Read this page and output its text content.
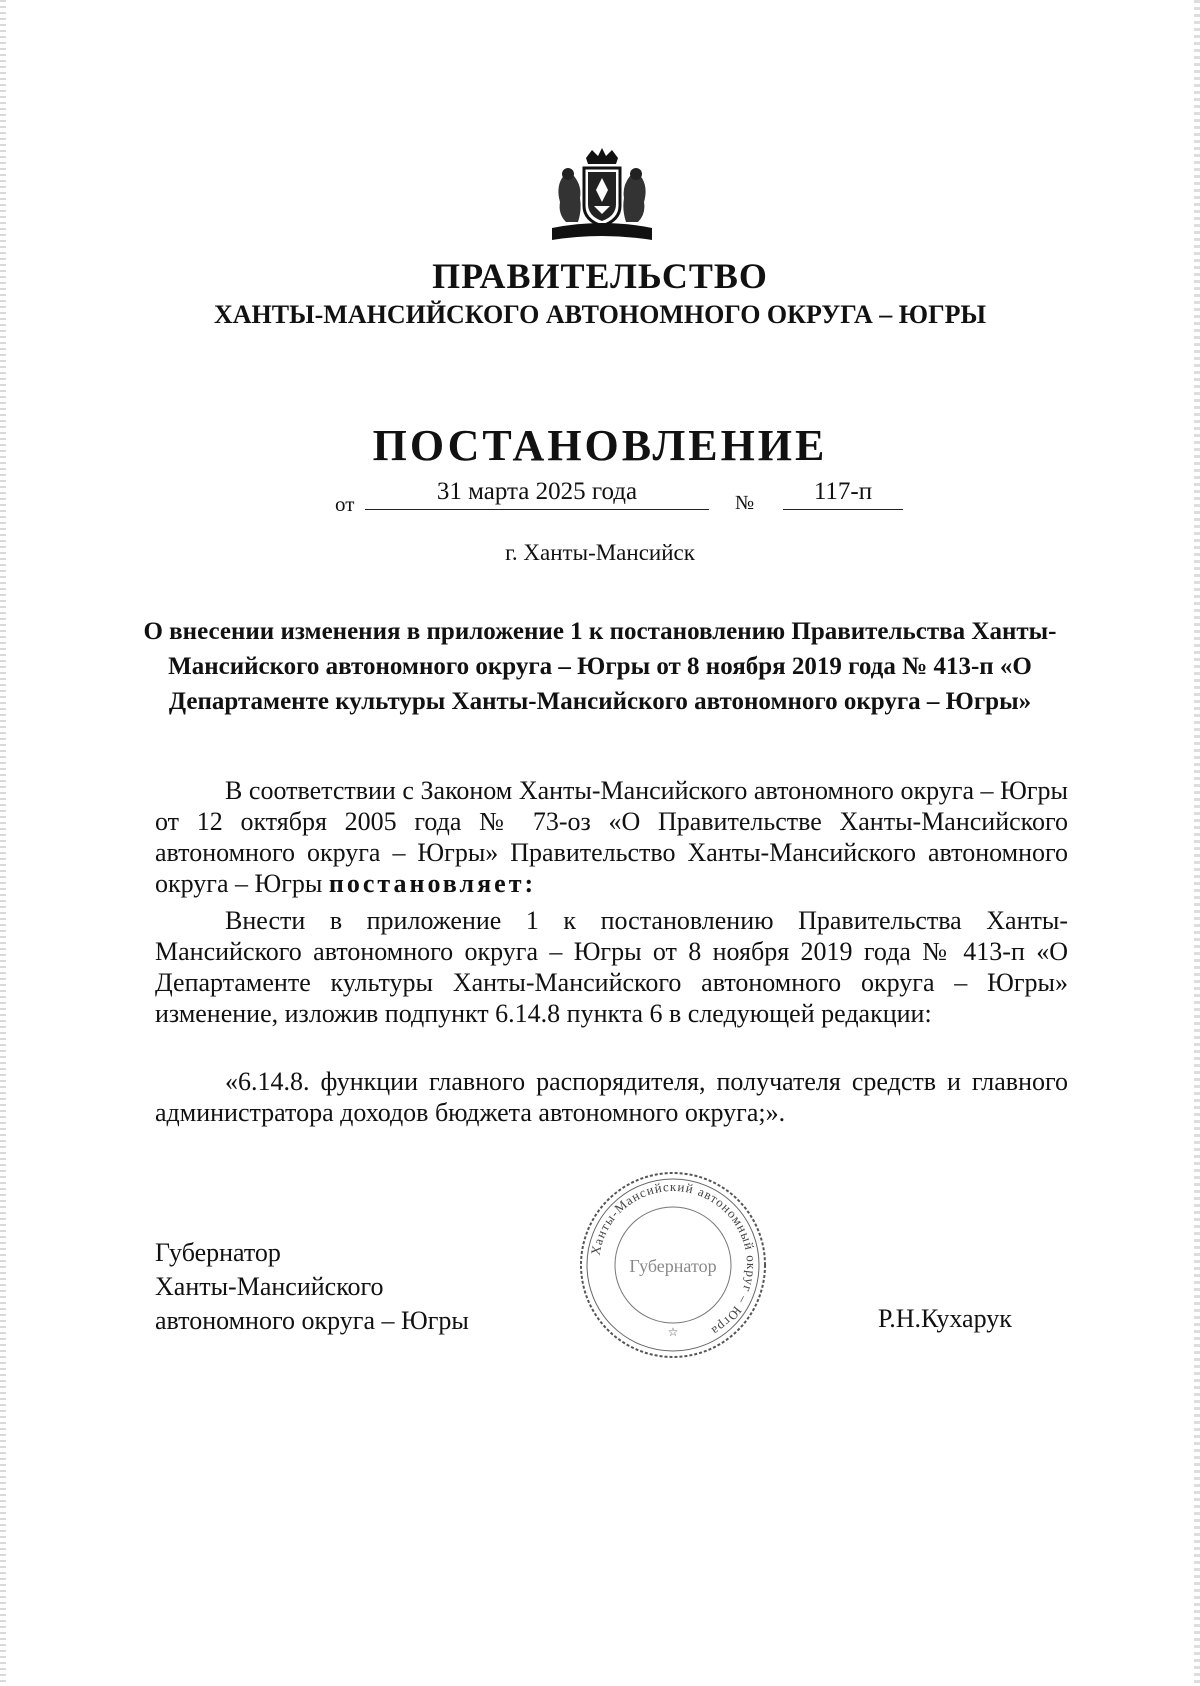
ПРАВИТЕЛЬСТВО
ХАНТЫ-МАНСИЙСКОГО АВТОНОМНОГО ОКРУГА – ЮГРЫ
ПОСТАНОВЛЕНИЕ
от	31 марта 2025 года	№	117-п
г. Ханты-Мансийск
О внесении изменения в приложение 1 к постановлению Правительства Ханты-Мансийского автономного округа – Югры от 8 ноября 2019 года № 413-п «О Департаменте культуры Ханты-Мансийского автономного округа – Югры»
В соответствии с Законом Ханты-Мансийского автономного округа – Югры от 12 октября 2005 года № 73-оз «О Правительстве Ханты-Мансийского автономного округа – Югры» Правительство Ханты-Мансийского автономного округа – Югры постановляет:
Внести в приложение 1 к постановлению Правительства Ханты-Мансийского автономного округа – Югры от 8 ноября 2019 года № 413-п «О Департаменте культуры Ханты-Мансийского автономного округа – Югры» изменение, изложив подпункт 6.14.8 пункта 6 в следующей редакции:
«6.14.8. функции главного распорядителя, получателя средств и главного администратора доходов бюджета автономного округа;».
Губернатор
Ханты-Мансийского
автономного округа – Югры
Ханты-Мансийский автономный округ – Югра
Губернатор
☆	Р.Н.Кухарук
